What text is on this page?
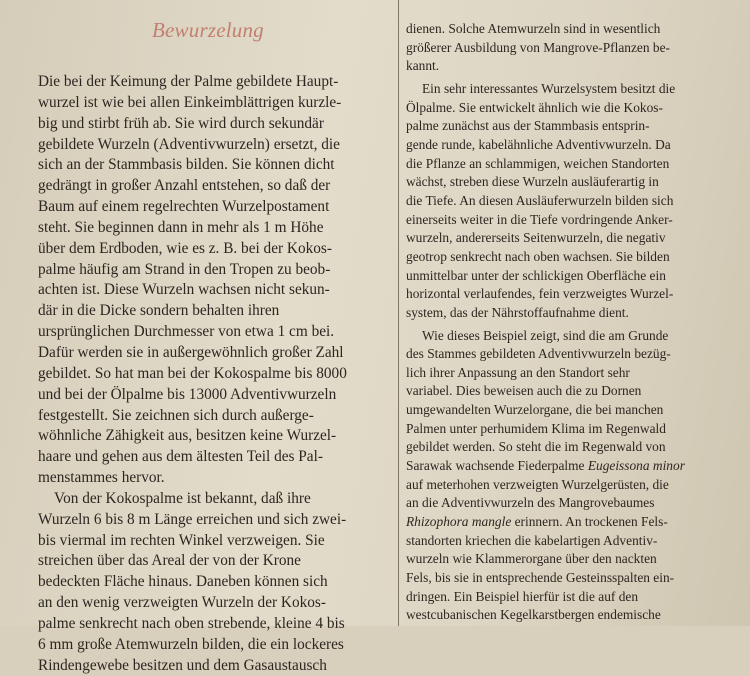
Bewurzelung
Die bei der Keimung der Palme gebildete Haupt-
wurzel ist wie bei allen Einkeimblättrigen kurzle-
big und stirbt früh ab. Sie wird durch sekundär
gebildete Wurzeln (Adventivwurzeln) ersetzt, die
sich an der Stammbasis bilden. Sie können dicht
gedrängt in großer Anzahl entstehen, so daß der
Baum auf einem regelrechten Wurzelpostament
steht. Sie beginnen dann in mehr als 1 m Höhe
über dem Erdboden, wie es z. B. bei der Kokos-
palme häufig am Strand in den Tropen zu beob-
achten ist. Diese Wurzeln wachsen nicht sekun-
där in die Dicke sondern behalten ihren
ursprünglichen Durchmesser von etwa 1 cm bei.
Dafür werden sie in außergewöhnlich großer Zahl
gebildet. So hat man bei der Kokospalme bis 8000
und bei der Ölpalme bis 13000 Adventivwurzeln
festgestellt. Sie zeichnen sich durch außerge-
wöhnliche Zähigkeit aus, besitzen keine Wurzel-
haare und gehen aus dem ältesten Teil des Pal-
menstammes hervor.
Von der Kokospalme ist bekannt, daß ihre
Wurzeln 6 bis 8 m Länge erreichen und sich zwei-
bis viermal im rechten Winkel verzweigen. Sie
streichen über das Areal der von der Krone
bedeckten Fläche hinaus. Daneben können sich
an den wenig verzweigten Wurzeln der Kokos-
palme senkrecht nach oben strebende, kleine 4 bis
6 mm große Atemwurzeln bilden, die ein lockeres
Rindengewebe besitzen und dem Gasaustausch
dienen. Solche Atemwurzeln sind in wesentlich
größerer Ausbildung von Mangrove-Pflanzen be-
kannt.
Ein sehr interessantes Wurzelsystem besitzt die
Ölpalme. Sie entwickelt ähnlich wie die Kokos-
palme zunächst aus der Stammbasis entsprin-
gende runde, kabelähnliche Adventivwurzeln. Da
die Pflanze an schlammigen, weichen Standorten
wächst, streben diese Wurzeln ausläuferartig in
die Tiefe. An diesen Ausläuferwurzeln bilden sich
einerseits weiter in die Tiefe vordringende Anker-
wurzeln, andererseits Seitenwurzeln, die negativ
geotrop senkrecht nach oben wachsen. Sie bilden
unmittelbar unter der schlickigen Oberfläche ein
horizontal verlaufendes, fein verzweigtes Wurzel-
system, das der Nährstoffaufnahme dient.
Wie dieses Beispiel zeigt, sind die am Grunde
des Stammes gebildeten Adventivwurzeln bezüg-
lich ihrer Anpassung an den Standort sehr
variabel. Dies beweisen auch die zu Dornen
umgewandelten Wurzelorgane, die bei manchen
Palmen unter perhumidem Klima im Regenwald
gebildet werden. So steht die im Regenwald von
Sarawak wachsende Fiederpalme Eugeissona minor
auf meterhohen verzweigten Wurzelgerüsten, die
an die Adventivwurzeln des Mangrovebaumes
Rhizophora mangle erinnern. An trockenen Fels-
standorten kriechen die kabelartigen Adventiv-
wurzeln wie Klammerorgane über den nackten
Fels, bis sie in entsprechende Gesteinsspalten ein-
dringen. Ein Beispiel hierfür ist die auf den
westcubanischen Kegelkarstbergen endemische
